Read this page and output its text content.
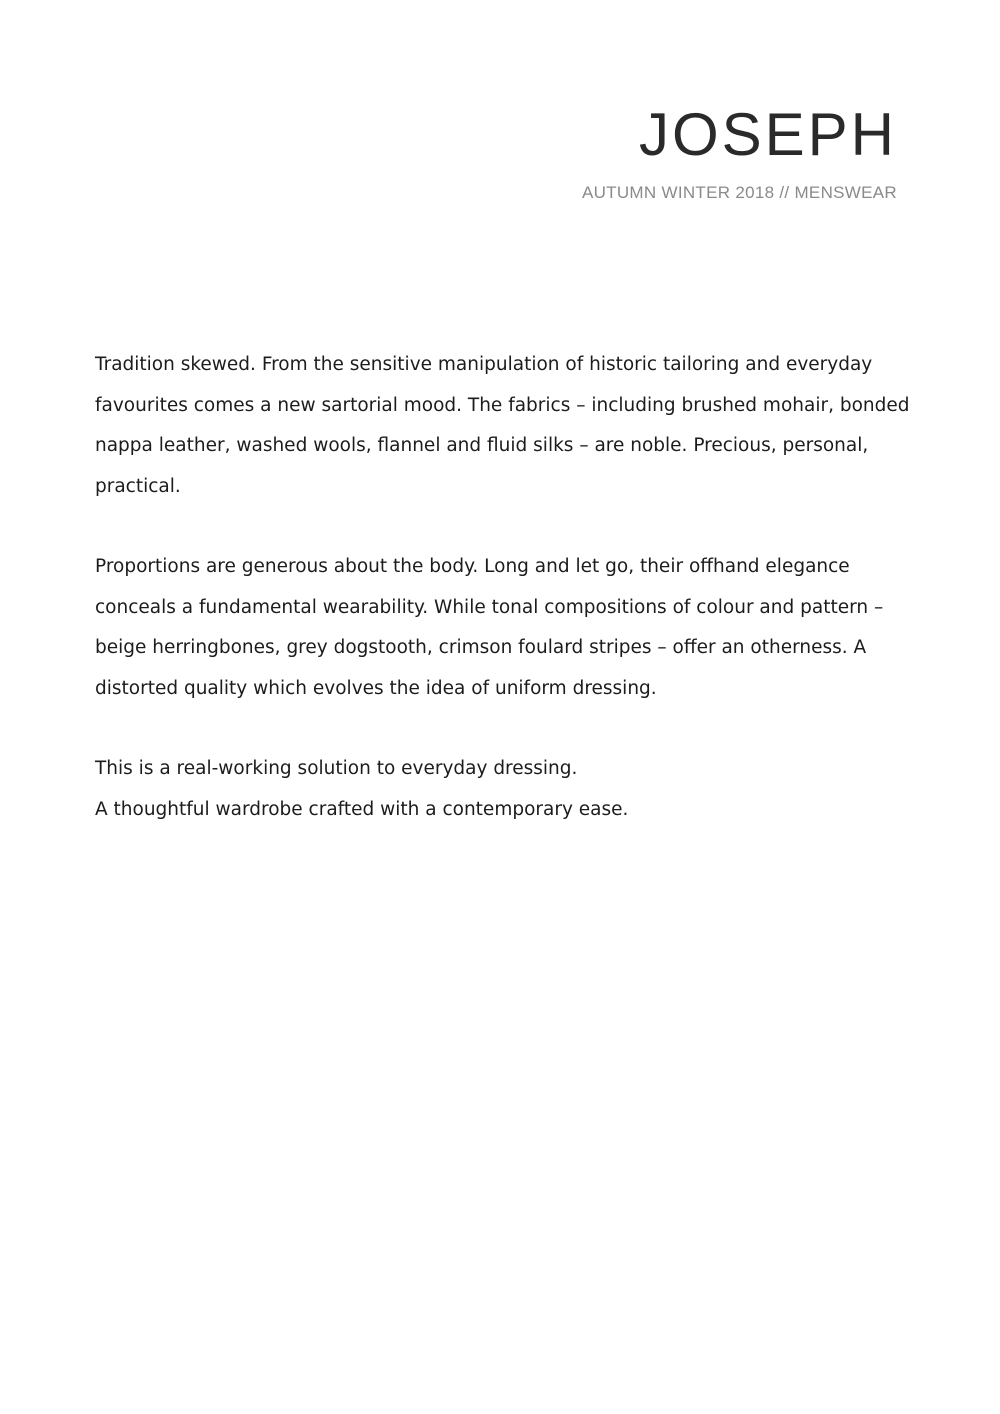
JOSEPH
AUTUMN WINTER 2018 // MENSWEAR

Tradition skewed. From the sensitive manipulation of historic tailoring and everyday
favourites comes a new sartorial mood. The fabrics – including brushed mohair, bonded
nappa leather, washed wools, flannel and fluid silks – are noble. Precious, personal,
practical.

Proportions are generous about the body. Long and let go, their offhand elegance
conceals a fundamental wearability. While tonal compositions of colour and pattern –
beige herringbones, grey dogstooth, crimson foulard stripes – offer an otherness. A
distorted quality which evolves the idea of uniform dressing.

This is a real-working solution to everyday dressing.
A thoughtful wardrobe crafted with a contemporary ease.
